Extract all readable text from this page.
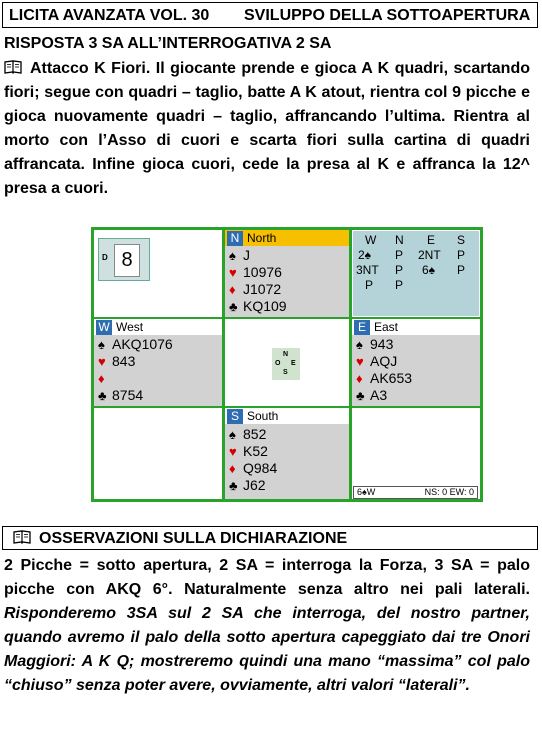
LICITA AVANZATA VOL. 30 SVILUPPO DELLA SOTTOAPERTURA
RISPOSTA 3 SA ALL’INTERROGATIVA 2 SA
Attacco K Fiori. Il giocante prende e gioca A K quadri, scartando fiori; segue con quadri – taglio, batte A K atout, rientra col 9 picche e gioca nuovamente quadri – taglio, affrancando l’ultima. Rientra al morto con l’Asso di cuori e scarta fiori sulla cartina di quadri affrancata. Infine gioca cuori, cede la presa al K e affranca la 12^ presa a cuori.
D 8
N North
♠ J
♥ 10976
♦ J1072
♣ KQ109
W N E S
2♠ P 2NT P
3NT P 6♠ P
P P
W West
♠ AKQ1076
♥ 843
♦
♣ 8754
N
O E
S
E East
♠ 943
♥ AQJ
♦ AK653
♣ A3
S South
♠ 852
♥ K52
♦ Q984
♣ J62	6♠W	NS: 0 EW: 0
OSSERVAZIONI SULLA DICHIARAZIONE
2 Picche = sotto apertura, 2 SA = interroga la Forza, 3 SA = palo picche con AKQ 6°. Naturalmente senza altro nei pali laterali. Risponderemo 3SA sul 2 SA che interroga, del nostro partner, quando avremo il palo della sotto apertura capeggiato dai tre Onori Maggiori: A K Q; mostreremo quindi una mano “massima” col palo “chiuso” senza poter avere, ovviamente, altri valori “laterali”.
